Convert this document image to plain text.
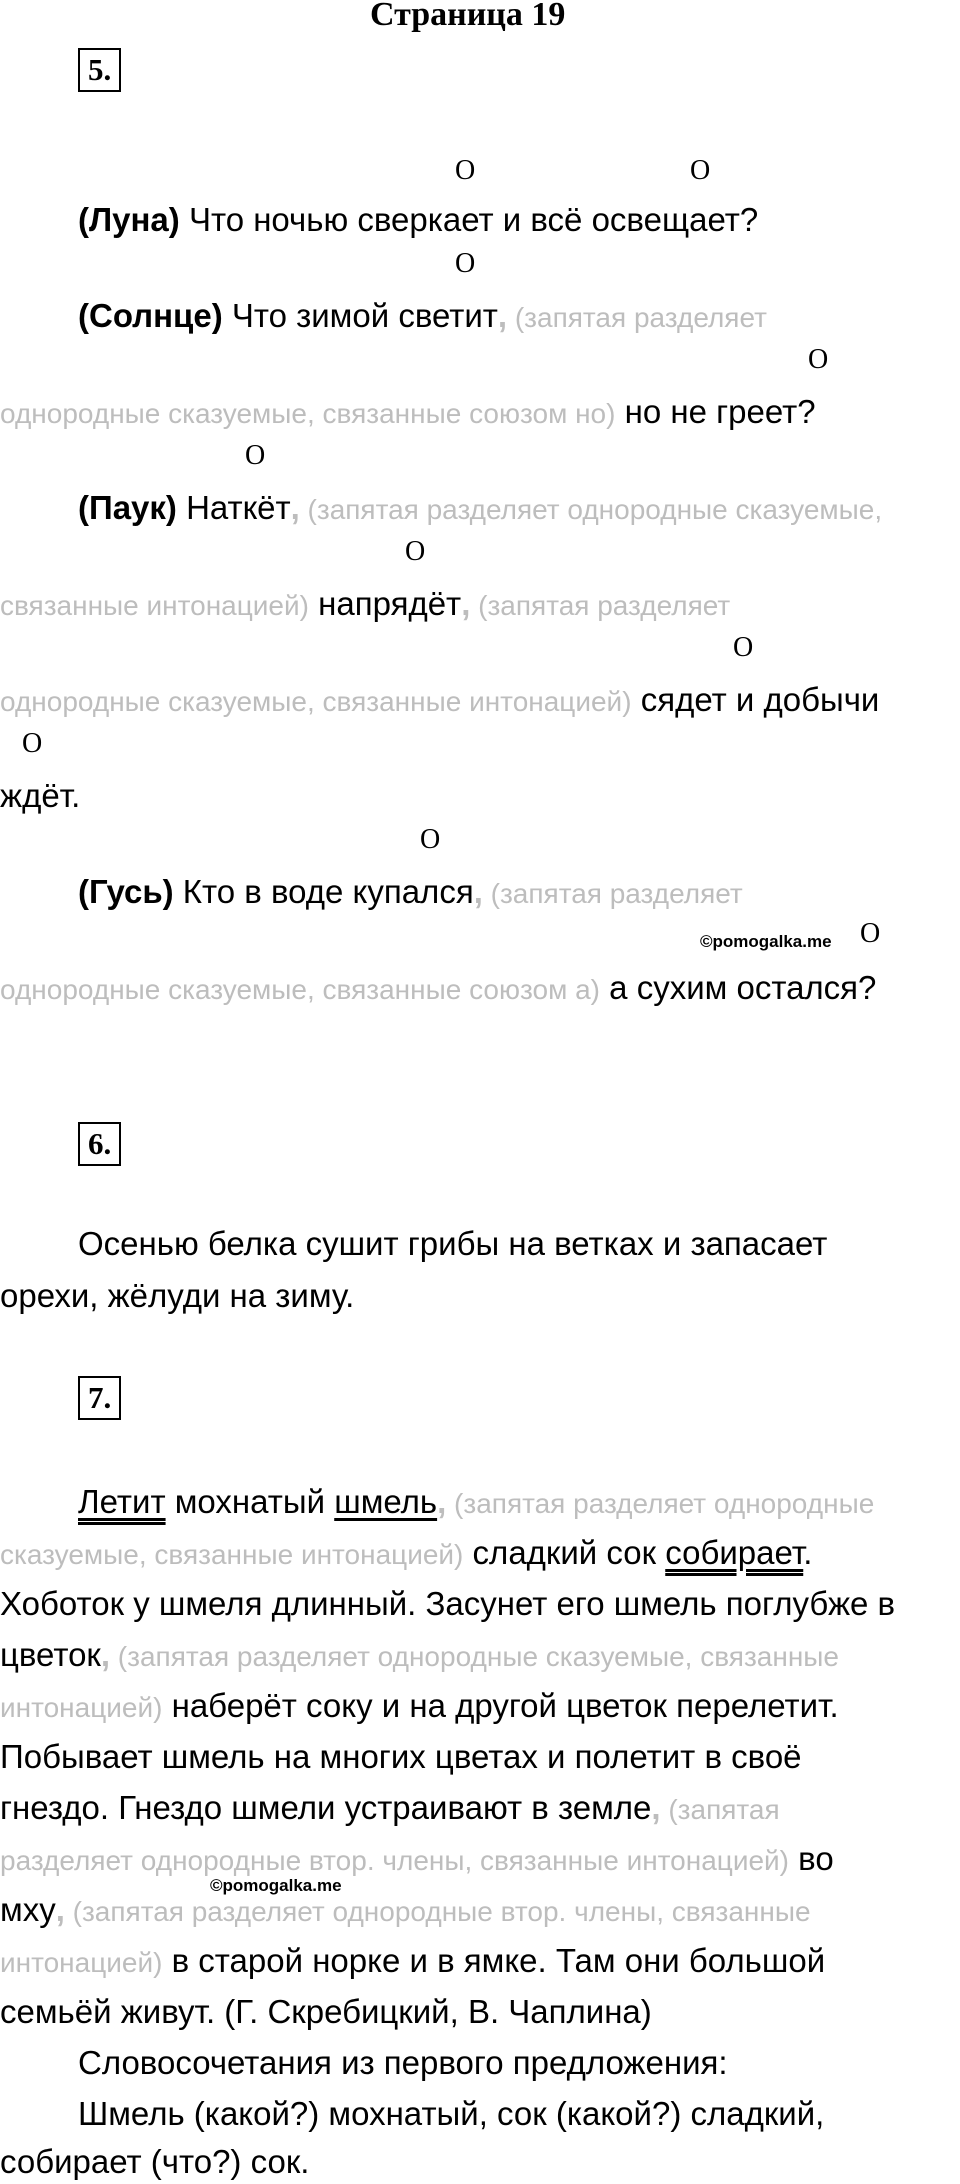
Страница 19
5.
О	О
(Луна) Что ночью сверкает и всё освещает?
О
(Солнце) Что зимой светит, (запятая разделяет
О
однородные сказуемые, связанные союзом но) но не греет?
О
(Паук) Наткёт, (запятая разделяет однородные сказуемые,
О
связанные интонацией) напрядёт, (запятая разделяет
О
однородные сказуемые, связанные интонацией) сядет и добычи
О
ждёт.
О
(Гусь) Кто в воде купался, (запятая разделяет
©pomogalka.me О
однородные сказуемые, связанные союзом а) а сухим остался?
6.
Осенью белка сушит грибы на ветках и запасает
орехи, жёлуди на зиму.
7.
Летит мохнатый шмель, (запятая разделяет однородные
сказуемые, связанные интонацией) сладкий сок собирает.
Хоботок у шмеля длинный. Засунет его шмель поглубже в
цветок, (запятая разделяет однородные сказуемые, связанные
интонацией) наберёт соку и на другой цветок перелетит.
Побывает шмель на многих цветах и полетит в своё
гнездо. Гнездо шмели устраивают в земле, (запятая
разделяет однородные втор. члены, связанные интонацией) во
©pomogalka.me
мху, (запятая разделяет однородные втор. члены, связанные
интонацией) в старой норке и в ямке. Там они большой
семьёй живут. (Г. Скребицкий, В. Чаплина)
Словосочетания из первого предложения:
Шмель (какой?) мохнатый, сок (какой?) сладкий,
собирает (что?) сок.
